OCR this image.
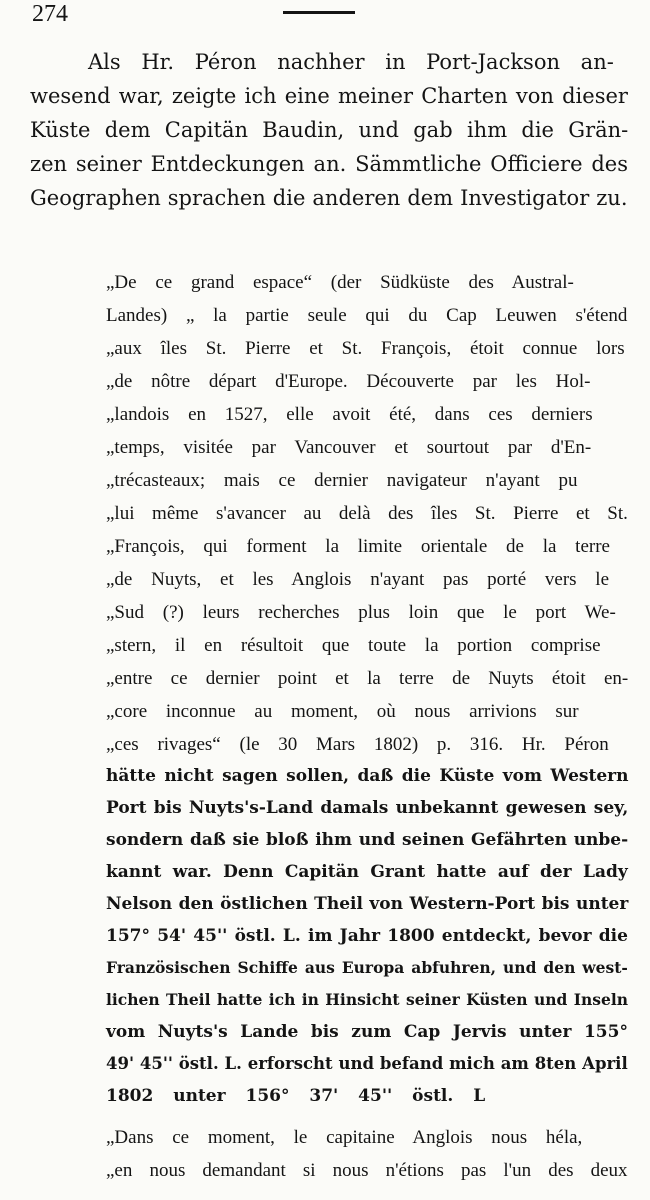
274
Als Hr. Péron nachher in Port-Jackson an-
wesend war, zeigte ich eine meiner Charten von dieser
Küste dem Capitän Baudin, und gab ihm die Grän-
zen seiner Entdeckungen an. Sämmtliche Officiere des
Geographen sprachen die anderen dem Investigator zu.
„De ce grand espace“ (der Südküste des Austral-
Landes) „ la partie seule qui du Cap Leuwen s'étend
„aux îles St. Pierre et St. François, étoit connue lors
„de nôtre départ d'Europe. Découverte par les Hol-
„landois en 1527, elle avoit été, dans ces derniers
„temps, visitée par Vancouver et sourtout par d'En-
„trécasteaux; mais ce dernier navigateur n'ayant pu
„lui même s'avancer au delà des îles St. Pierre et St.
„François, qui forment la limite orientale de la terre
„de Nuyts, et les Anglois n'ayant pas porté vers le
„Sud (?) leurs recherches plus loin que le port We-
„stern, il en résultoit que toute la portion comprise
„entre ce dernier point et la terre de Nuyts étoit en-
„core inconnue au moment, où nous arrivions sur
„ces rivages“ (le 30 Mars 1802) p. 316. Hr. Péron
hätte nicht sagen sollen, daß die Küste vom Western
Port bis Nuyts's-Land damals unbekannt gewesen sey,
sondern daß sie bloß ihm und seinen Gefährten unbe-
kannt war. Denn Capitän Grant hatte auf der Lady
Nelson den östlichen Theil von Western-Port bis unter
157° 54' 45'' östl. L. im Jahr 1800 entdeckt, bevor die
Französischen Schiffe aus Europa abfuhren, und den west-
lichen Theil hatte ich in Hinsicht seiner Küsten und Inseln
vom Nuyts's Lande bis zum Cap Jervis unter 155°
49' 45'' östl. L. erforscht und befand mich am 8ten April
1802 unter 156° 37' 45'' östl. L
„Dans ce moment, le capitaine Anglois nous héla,
„en nous demandant si nous n'étions pas l'un des deux
